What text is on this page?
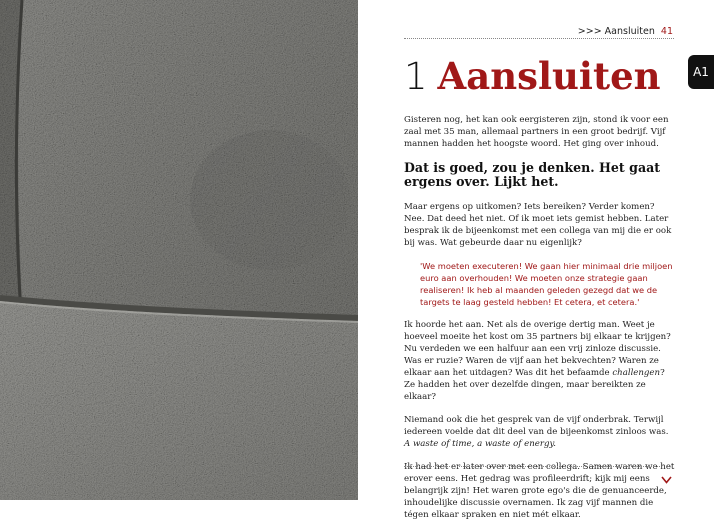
>>> Aansluiten 41
A1
1 Aansluiten

Gisteren nog, het kan ook eergisteren zijn, stond ik voor een zaal met 35 man, allemaal partners in een groot bedrijf. Vijf mannen hadden het hoogste woord. Het ging over inhoud.

Dat is goed, zou je denken. Het gaat ergens over. Lijkt het.

Maar ergens op uitkomen? Iets bereiken? Verder komen? Nee. Dat deed het niet. Of ik moet iets gemist hebben. Later besprak ik de bijeenkomst met een collega van mij die er ook bij was. Wat gebeurde daar nu eigenlijk?

'We moeten executeren! We gaan hier minimaal drie miljoen euro aan overhouden! We moeten onze strategie gaan realiseren! Ik heb al maanden geleden gezegd dat we de targets te laag gesteld hebben! Et cetera, et cetera.'

Ik hoorde het aan. Net als de overige dertig man. Weet je hoeveel moeite het kost om 35 partners bij elkaar te krijgen? Nu verdeden we een halfuur aan een vrij zinloze discussie. Was er ruzie? Waren de vijf aan het bekvechten? Waren ze elkaar aan het uitdagen? Was dit het befaamde challengen? Ze hadden het over dezelfde dingen, maar bereikten ze elkaar?

Niemand ook die het gesprek van de vijf onderbrak. Terwijl iedereen voelde dat dit deel van de bijeenkomst zinloos was. A waste of time, a waste of energy.

Ik had het er later over met een collega. Samen waren we het erover eens. Het gedrag was profileerdrift; kijk mij eens belangrijk zijn! Het waren grote ego's die de genuanceerde, inhoudelijke discussie overnamen. Ik zag vijf mannen die tégen elkaar spraken en niet mét elkaar.
